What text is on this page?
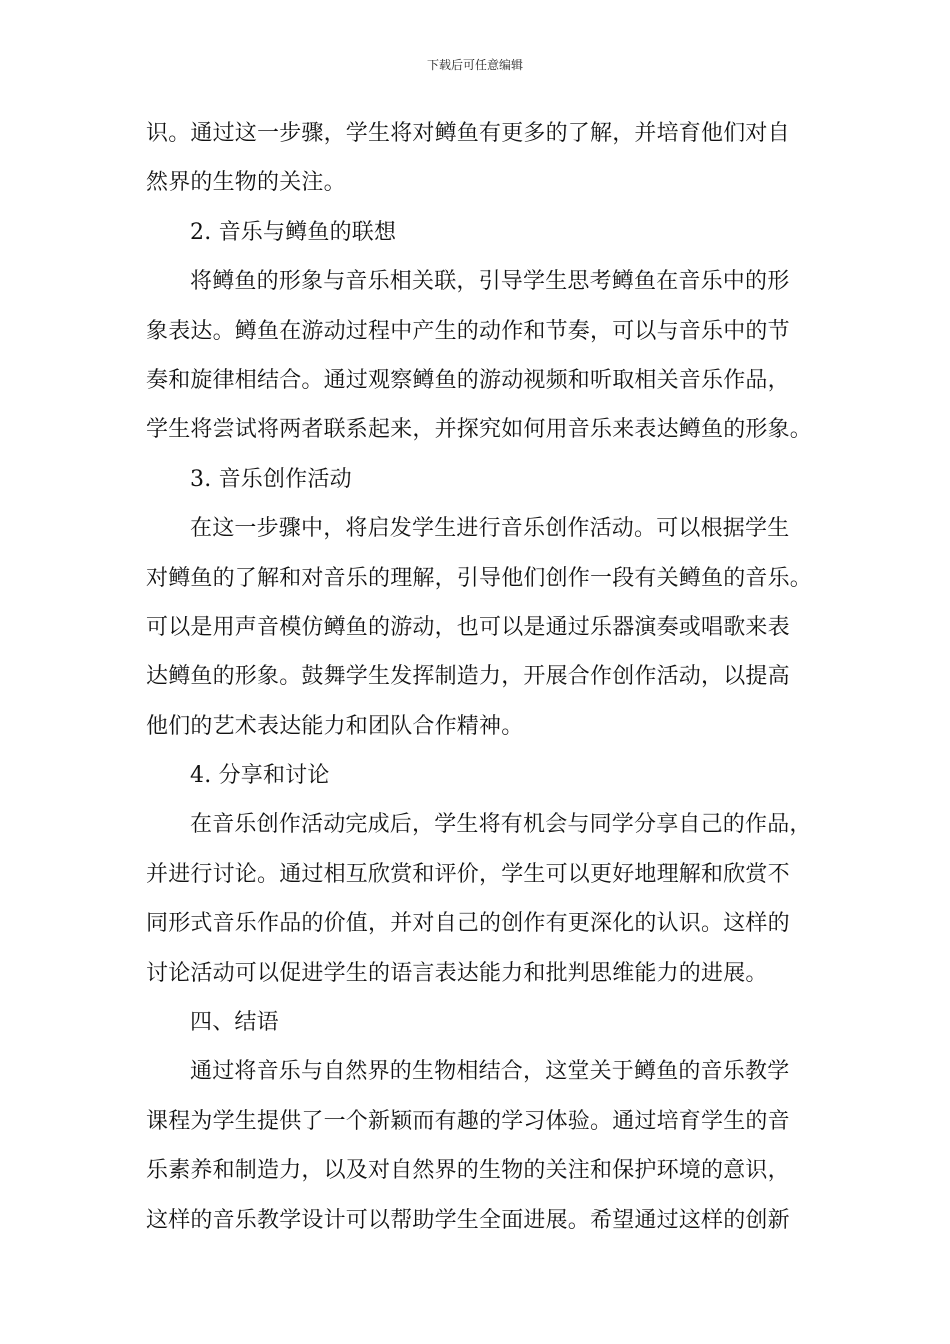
下载后可任意编辑
识。通过这一步骤，学生将对鳟鱼有更多的了解，并培育他们对自
然界的生物的关注。
2. 音乐与鳟鱼的联想
将鳟鱼的形象与音乐相关联，引导学生思考鳟鱼在音乐中的形
象表达。鳟鱼在游动过程中产生的动作和节奏，可以与音乐中的节
奏和旋律相结合。通过观察鳟鱼的游动视频和听取相关音乐作品，
学生将尝试将两者联系起来，并探究如何用音乐来表达鳟鱼的形象。
3. 音乐创作活动
在这一步骤中，将启发学生进行音乐创作活动。可以根据学生
对鳟鱼的了解和对音乐的理解，引导他们创作一段有关鳟鱼的音乐。
可以是用声音模仿鳟鱼的游动，也可以是通过乐器演奏或唱歌来表
达鳟鱼的形象。鼓舞学生发挥制造力，开展合作创作活动，以提高
他们的艺术表达能力和团队合作精神。
4. 分享和讨论
在音乐创作活动完成后，学生将有机会与同学分享自己的作品，
并进行讨论。通过相互欣赏和评价，学生可以更好地理解和欣赏不
同形式音乐作品的价值，并对自己的创作有更深化的认识。这样的
讨论活动可以促进学生的语言表达能力和批判思维能力的进展。
四、结语
通过将音乐与自然界的生物相结合，这堂关于鳟鱼的音乐教学
课程为学生提供了一个新颖而有趣的学习体验。通过培育学生的音
乐素养和制造力，以及对自然界的生物的关注和保护环境的意识，
这样的音乐教学设计可以帮助学生全面进展。希望通过这样的创新
